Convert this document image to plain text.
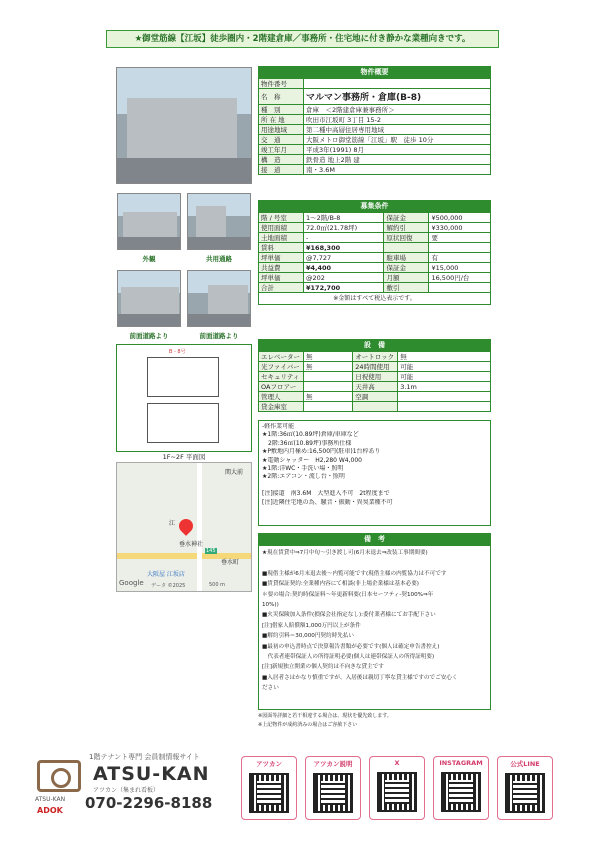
★御堂筋線【江坂】徒歩圏内・2階建倉庫／事務所・住宅地に付き静かな業種向きです。
外観	共用通路
前面道路より	前面道路より
B - 8号
1F~2F 平面図
関大前
垂水神社
江
145
垂水町
大阪屋 江坂店
Google データ ©2025	500 m
物件概要
物件番号	
名　称	マルマン事務所・倉庫(B-8)
種　別	倉庫　＜2階建倉庫兼事務所＞
所 在 地	吹田市江坂町 3丁目 15-2
用途地域	第二種中高層住居専用地域
交　通	大阪メトロ御堂筋線「江坂」駅　徒歩 10分
竣工年月	平成3年(1991) 8月
構　造	鉄骨造 地上2階 建
接　道	南・3.6M
募集条件
階 / 号室	1～2階/B-8	保証金	¥500,000
使用面積	72.0㎡(21.78坪)	解約引	¥330,000
土地面積	-	原状回復	要
賃料	¥168,300		
坪単価	@7,727	駐車場	有
共益費	¥4,400	保証金	¥15,000
坪単価	@202	月額	16,500円/台
合計	¥172,700	敷引	
※金額はすべて税込表示です。
設　備
エレベーター	無	オートロック	無
光ファイバー	無	24時間使用	可能
セキュリティ		日祝使用	可能
OAフロアー		天井高	3.1m
管理人	無	空調	
貸金庫室			
-軽作業可能
★1階:36㎡(10.89坪)倉庫/車庫など
　2階:36㎡(10.89坪)事務所仕様
★P敷地内月極め:16,500円(駐車)1台枠あり
★電動シャッター　H2,280 W4,000
★1階:洋WC・手洗い場・照明
★2階:エアコン・流し台・照明

[注]接道　南3.6M　大型進入不可　2t程度まで
[注]近隣住宅地の為、騒音・振動・異臭業種不可
備　考
★現在賃貸中⇒7月中旬～引き渡し可(6月末退去⇒改装工事期間要)

■現借主様が6月末退去後～内覧可能です(現借主様の内覧協力は不可です
■賃貸保証契約:全業種内容にて相談(非上場企業様は基本必要)
＊要の場合:契約時保証料～年更新料要(日本セーフティ-契100%⇒年
10%))
■火災保険加入条件(損保会社指定なし):委付業者様にてお手配下さい
[注]借家人賠償額1,000万円以上が条件
■解約引料＝30,000円契約時先払い
■最初の申込書時点で決算報告書類が必要です(個人は確定申告書控え)
　代表者連帯保証人の所得証明必要(個人は連帯保証人の所得証明要)
[注]新規独立開業の個人契約は不向きな貸主です
■入居者さはかなり慎重ですが、入居後は親切丁寧な貸主様ですのでご安心く
ださい
※図面等詳細と若干相違する場合は、現状を優先致します。
※上記物件が成約済みの場合はご容赦下さい
ATSU-KAN
ADOK
1階テナント専門 会員制情報サイト
ATSU-KAN
アツカン（集まれ看板）
070-2296-8188
アツカン	アツカン説明	X	INSTAGRAM	公式LINE
